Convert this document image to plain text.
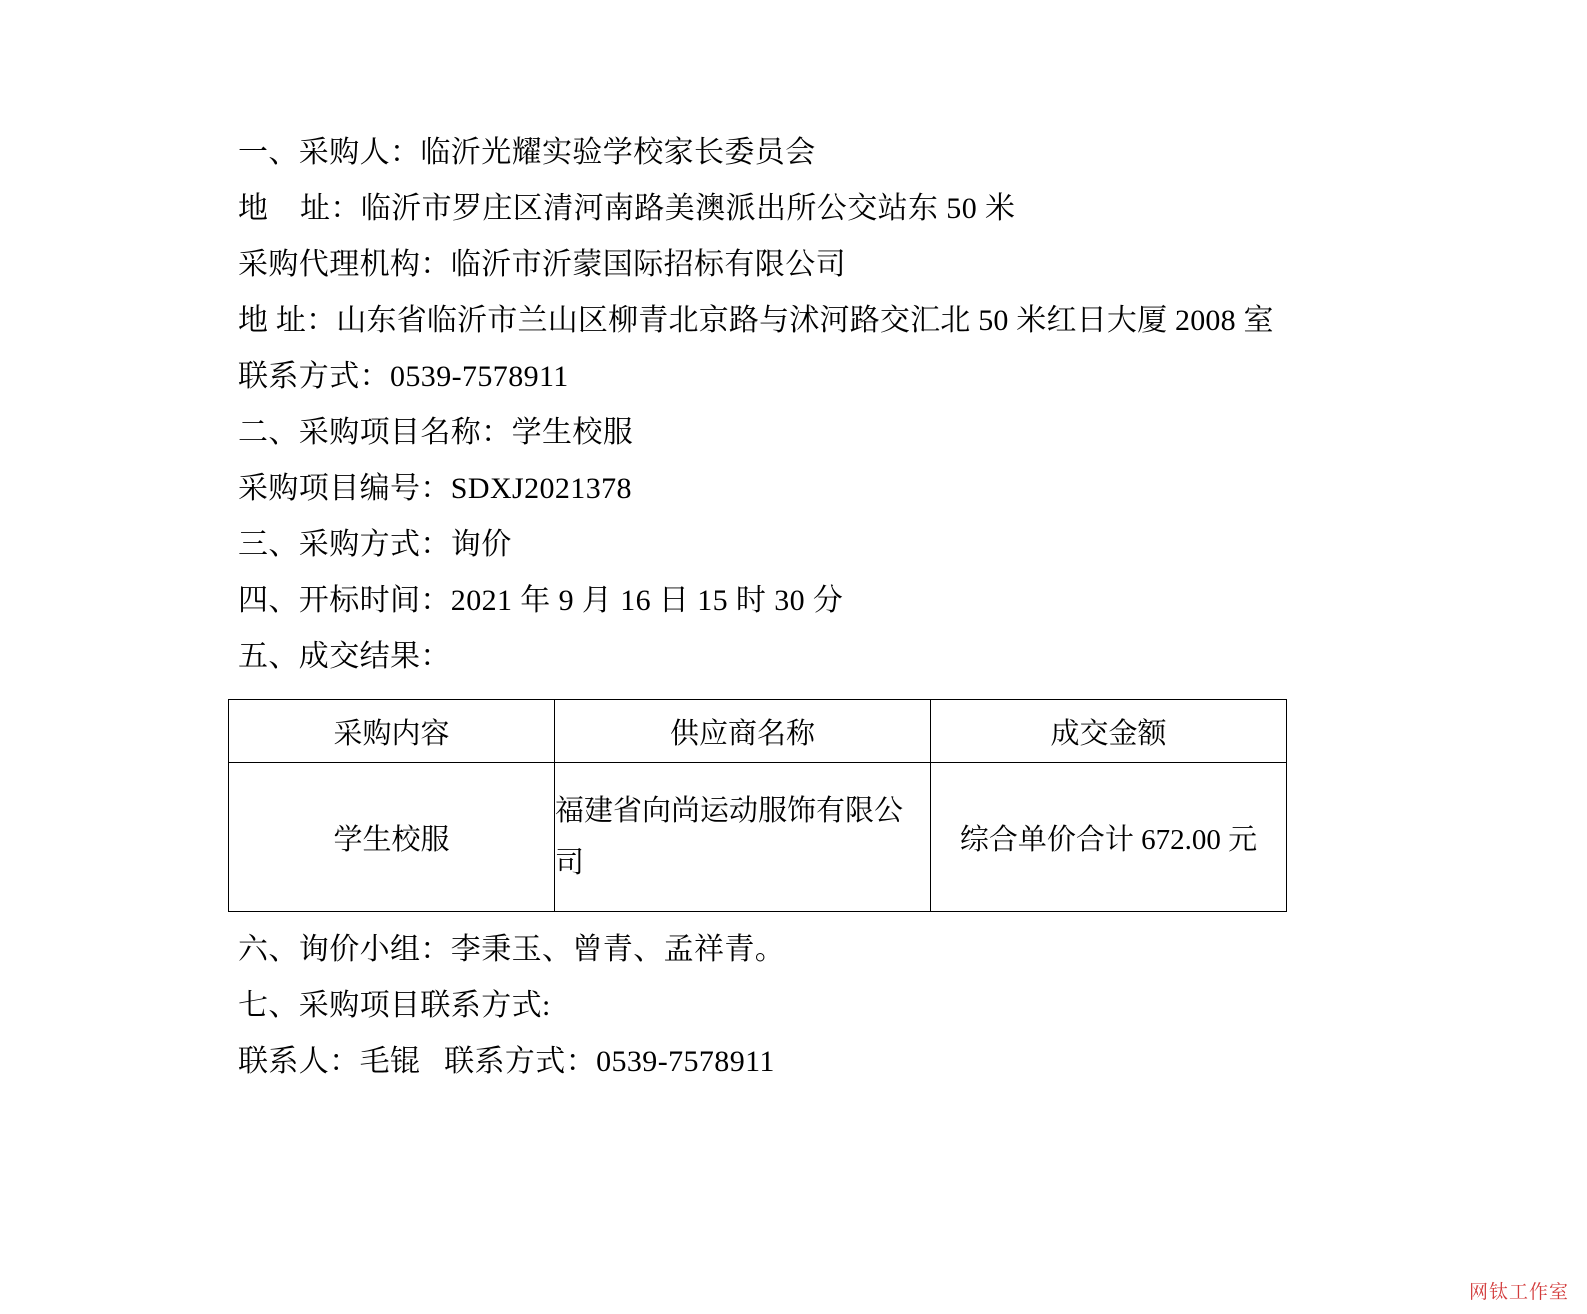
一、采购人：临沂光耀实验学校家长委员会
地    址：临沂市罗庄区清河南路美澳派出所公交站东 50 米
采购代理机构：临沂市沂蒙国际招标有限公司
地 址：山东省临沂市兰山区柳青北京路与沭河路交汇北 50 米红日大厦 2008 室
联系方式：0539-7578911
二、采购项目名称：学生校服
采购项目编号：SDXJ2021378
三、采购方式：询价
四、开标时间：2021 年 9 月 16 日 15 时 30 分
五、成交结果：
采购内容	供应商名称	成交金额
学生校服	福建省向尚运动服饰有限公司	综合单价合计 672.00 元
六、询价小组：李秉玉、曾青、孟祥青。
七、采购项目联系方式:
联系人：毛锟   联系方式：0539-7578911
网钛工作室
